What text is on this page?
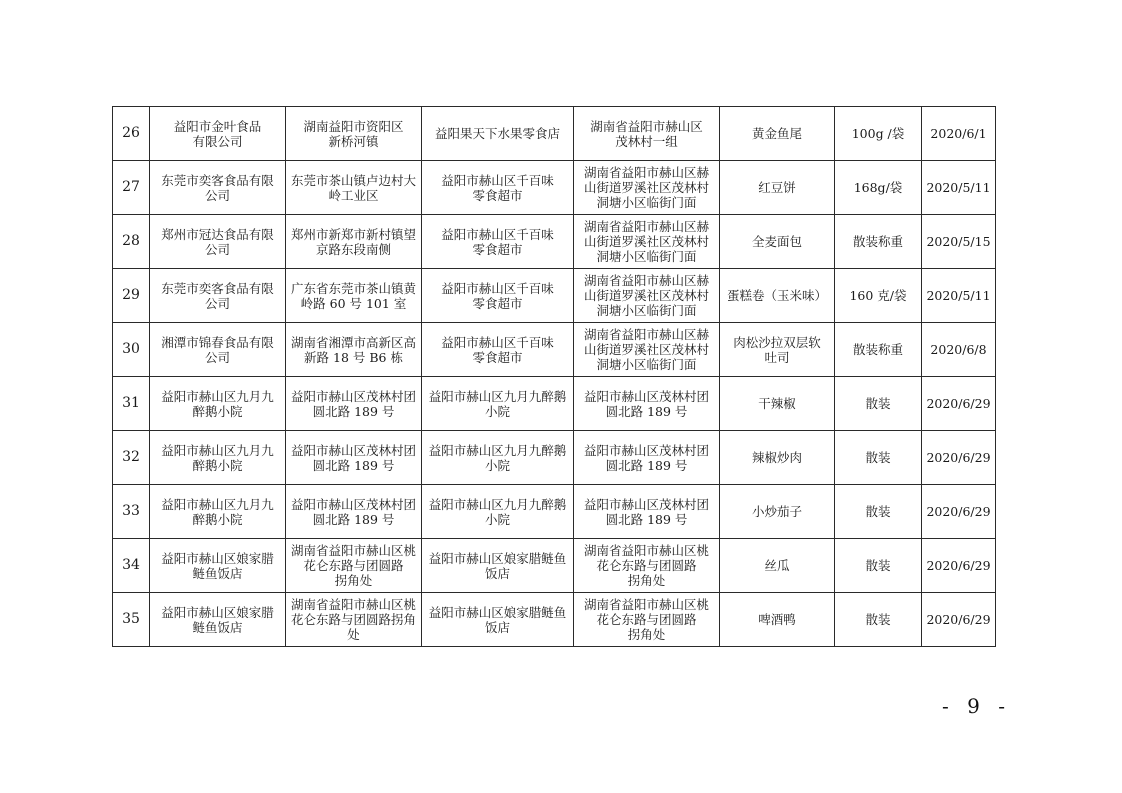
26	益阳市金叶食品
有限公司	湖南益阳市资阳区
新桥河镇	益阳果天下水果零食店	湖南省益阳市赫山区
茂林村一组	黄金鱼尾	100g /袋	2020/6/1

27	东莞市奕客食品有限
公司	东莞市茶山镇卢边村大
岭工业区	益阳市赫山区千百味
零食超市	湖南省益阳市赫山区赫
山街道罗溪社区茂林村
洞塘小区临街门面	红豆饼	168g/袋	2020/5/11

28	郑州市冠达食品有限
公司	郑州市新郑市新村镇望
京路东段南侧	益阳市赫山区千百味
零食超市	湖南省益阳市赫山区赫
山街道罗溪社区茂林村
洞塘小区临街门面	全麦面包	散装称重	2020/5/15

29	东莞市奕客食品有限
公司	广东省东莞市茶山镇黄
岭路 60 号 101 室	益阳市赫山区千百味
零食超市	湖南省益阳市赫山区赫
山街道罗溪社区茂林村
洞塘小区临街门面	蛋糕卷（玉米味）	160 克/袋	2020/5/11

30	湘潭市锦春食品有限
公司	湖南省湘潭市高新区高
新路 18 号 B6 栋	益阳市赫山区千百味
零食超市	湖南省益阳市赫山区赫
山街道罗溪社区茂林村
洞塘小区临街门面	肉松沙拉双层软
吐司	散装称重	2020/6/8

31	益阳市赫山区九月九
醉鹅小院	益阳市赫山区茂林村团
圆北路 189 号	益阳市赫山区九月九醉鹅
小院	益阳市赫山区茂林村团
圆北路 189 号	干辣椒	散装	2020/6/29

32	益阳市赫山区九月九
醉鹅小院	益阳市赫山区茂林村团
圆北路 189 号	益阳市赫山区九月九醉鹅
小院	益阳市赫山区茂林村团
圆北路 189 号	辣椒炒肉	散装	2020/6/29

33	益阳市赫山区九月九
醉鹅小院	益阳市赫山区茂林村团
圆北路 189 号	益阳市赫山区九月九醉鹅
小院	益阳市赫山区茂林村团
圆北路 189 号	小炒茄子	散装	2020/6/29

34	益阳市赫山区娘家腊
鲢鱼饭店	湖南省益阳市赫山区桃
花仑东路与团圆路
拐角处	益阳市赫山区娘家腊鲢鱼
饭店	湖南省益阳市赫山区桃
花仑东路与团圆路
拐角处	丝瓜	散装	2020/6/29

35	益阳市赫山区娘家腊
鲢鱼饭店	湖南省益阳市赫山区桃
花仑东路与团圆路拐角
处	益阳市赫山区娘家腊鲢鱼
饭店	湖南省益阳市赫山区桃
花仑东路与团圆路
拐角处	啤酒鸭	散装	2020/6/29
- 9 -
